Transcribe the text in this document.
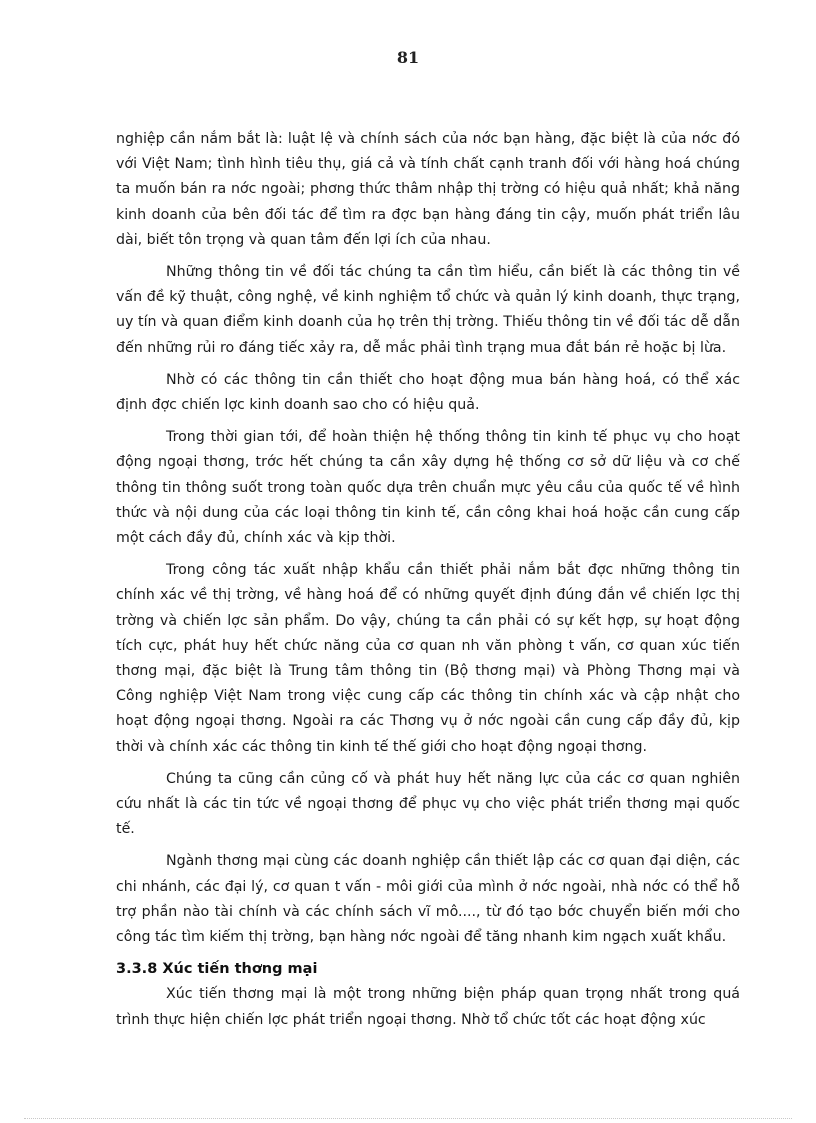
81

nghiệp cần nắm bắt là: luật lệ và chính sách của nớc bạn hàng, đặc biệt là của nớc đó với Việt Nam; tình hình tiêu thụ, giá cả và tính chất cạnh tranh đối với hàng hoá chúng ta muốn bán ra nớc ngoài; phơng thức thâm nhập thị trờng có hiệu quả nhất; khả năng kinh doanh của bên đối tác để tìm ra đợc bạn hàng đáng tin cậy, muốn phát triển lâu dài, biết tôn trọng và quan tâm đến lợi ích của nhau.

Những thông tin về đối tác chúng ta cần tìm hiểu, cần biết là các thông tin về vấn đề kỹ thuật, công nghệ, về kinh nghiệm tổ chức và quản lý kinh doanh, thực trạng, uy tín và quan điểm kinh doanh của họ trên thị trờng. Thiếu thông tin về đối tác dễ dẫn đến những rủi ro đáng tiếc xảy ra, dễ mắc phải tình trạng mua đắt bán rẻ hoặc bị lừa.

Nhờ có các thông tin cần thiết cho hoạt động mua bán hàng hoá, có thể xác định đợc chiến lợc kinh doanh sao cho có hiệu quả.

Trong thời gian tới, để hoàn thiện hệ thống thông tin kinh tế phục vụ cho hoạt động ngoại thơng, trớc hết chúng ta cần xây dựng hệ thống cơ sở dữ liệu và cơ chế thông tin thông suốt trong toàn quốc dựa trên chuẩn mực yêu cầu của quốc tế về hình thức và nội dung của các loại thông tin kinh tế, cần công khai hoá hoặc cần cung cấp một cách đầy đủ, chính xác và kịp thời.

Trong công tác xuất nhập khẩu cần thiết phải nắm bắt đợc những thông tin chính xác về thị trờng, về hàng hoá để có những quyết định đúng đắn về chiến lợc thị trờng và chiến lợc sản phẩm. Do vậy, chúng ta cần phải có sự kết hợp, sự hoạt động tích cực, phát huy hết chức năng của cơ quan nh văn phòng t vấn, cơ quan xúc tiến thơng mại, đặc biệt là Trung tâm thông tin (Bộ thơng mại) và Phòng Thơng mại và Công nghiệp Việt Nam trong việc cung cấp các thông tin chính xác và cập nhật cho hoạt động ngoại thơng. Ngoài ra các Thơng vụ ở nớc ngoài cần cung cấp đầy đủ, kịp thời và chính xác các thông tin kinh tế thế giới cho hoạt động ngoại thơng.

Chúng ta cũng cần củng cố và phát huy hết năng lực của các cơ quan nghiên cứu nhất là các tin tức về ngoại thơng để phục vụ cho việc phát triển thơng mại quốc tế.

Ngành thơng mại cùng các doanh nghiệp cần thiết lập các cơ quan đại diện, các chi nhánh, các đại lý, cơ quan t vấn - môi giới của mình ở nớc ngoài, nhà nớc có thể hỗ trợ phần nào tài chính và các chính sách vĩ mô...., từ đó tạo bớc chuyển biến mới cho công tác tìm kiếm thị trờng, bạn hàng nớc ngoài để tăng nhanh kim ngạch xuất khẩu.

3.3.8 Xúc tiến thơng mại

Xúc tiến thơng mại là một trong những biện pháp quan trọng nhất trong quá trình thực hiện chiến lợc phát triển ngoại thơng. Nhờ tổ chức tốt các hoạt động xúc
